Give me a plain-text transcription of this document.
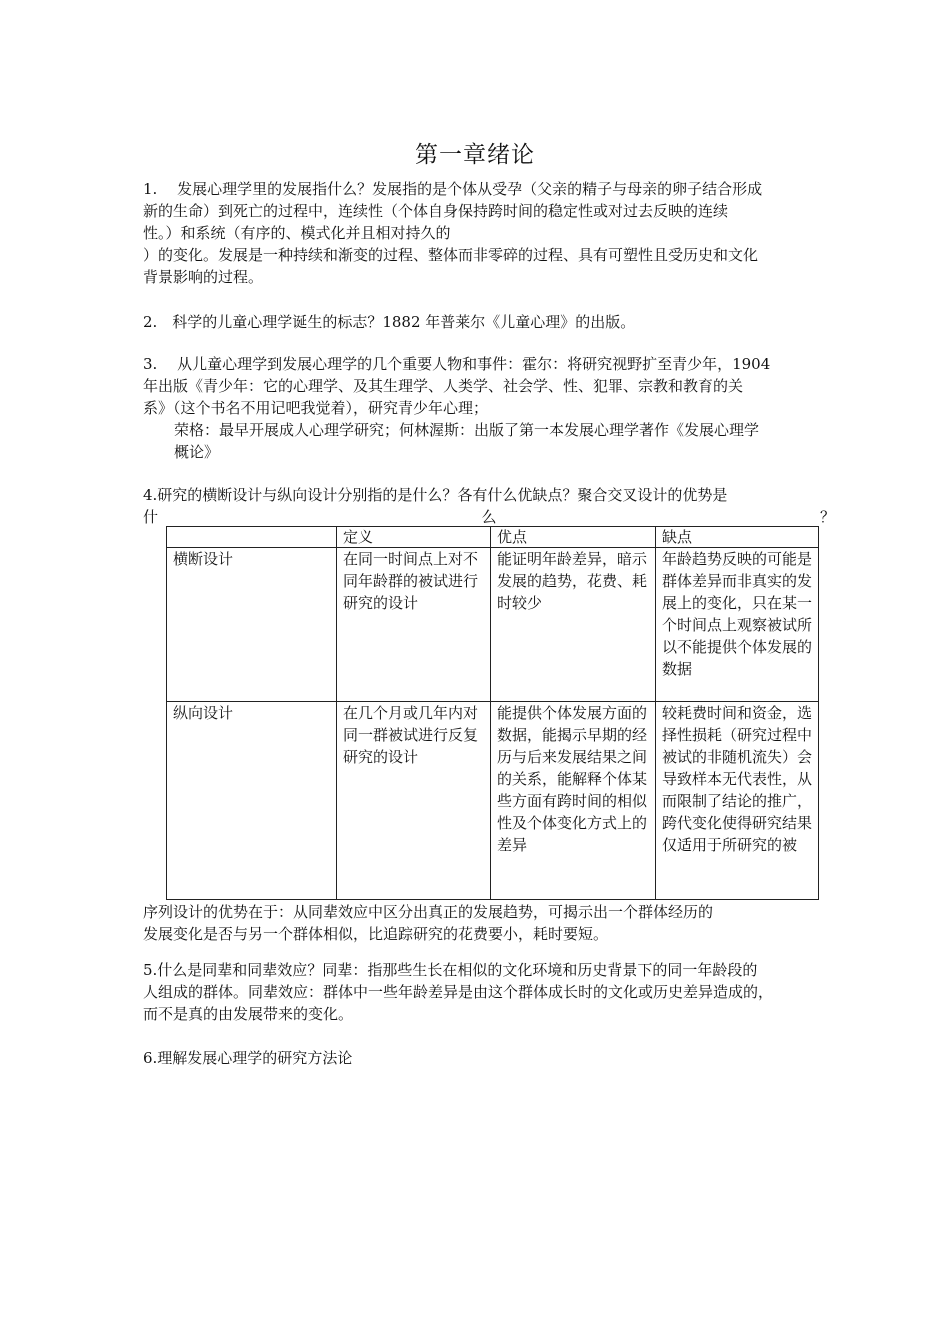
第一章绪论

1.　 发展心理学里的发展指什么？发展指的是个体从受孕（父亲的精子与母亲的卵子结合形成

新的生命）到死亡的过程中，连续性（个体自身保持跨时间的稳定性或对过去反映的连续

性。）和系统（有序的、模式化并且相对持久的

）的变化。发展是一种持续和渐变的过程、整体而非零碎的过程、具有可塑性且受历史和文化

背景影响的过程。

2.　科学的儿童心理学诞生的标志？1882 年普莱尔《儿童心理》的出版。

3.　 从儿童心理学到发展心理学的几个重要人物和事件：霍尔：将研究视野扩至青少年，1904

年出版《青少年：它的心理学、及其生理学、人类学、社会学、性、犯罪、宗教和教育的关

系》（这个书名不用记吧我觉着），研究青少年心理；

荣格：最早开展成人心理学研究；何林渥斯：出版了第一本发展心理学著作《发展心理学

概论》

4.研究的横断设计与纵向设计分别指的是什么？各有什么优缺点？聚合交叉设计的优势是
什	么	？
	定义	优点	缺点
横断设计	在同一时间点上对不同年龄群的被试进行研究的设计	能证明年龄差异，暗示发展的趋势，花费、耗时较少	年龄趋势反映的可能是群体差异而非真实的发展上的变化，只在某一个时间点上观察被试所以不能提供个体发展的数据
纵向设计	在几个月或几年内对同一群被试进行反复研究的设计	能提供个体发展方面的数据，能揭示早期的经历与后来发展结果之间的关系，能解释个体某些方面有跨时间的相似性及个体变化方式上的差异	较耗费时间和资金，选择性损耗（研究过程中被试的非随机流失）会导致样本无代表性，从而限制了结论的推广，跨代变化使得研究结果仅适用于所研究的被
序列设计的优势在于：从同辈效应中区分出真正的发展趋势，可揭示出一个群体经历的
发展变化是否与另一个群体相似，比追踪研究的花费要小，耗时要短。

5.什么是同辈和同辈效应？同辈：指那些生长在相似的文化环境和历史背景下的同一年龄段的

人组成的群体。同辈效应：群体中一些年龄差异是由这个群体成长时的文化或历史差异造成的，

而不是真的由发展带来的变化。

6.理解发展心理学的研究方法论
